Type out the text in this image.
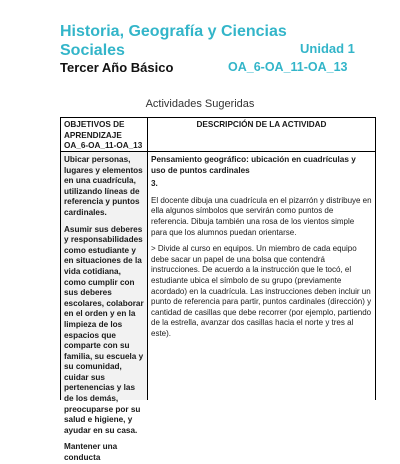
Historia, Geografía y Ciencias Sociales	Unidad 1
Tercer Año Básico	OA_6-OA_11-OA_13
Actividades Sugeridas
OBJETIVOS DE APRENDIZAJE OA_6-OA_11-OA_13
DESCRIPCIÓN DE LA ACTIVIDAD

Ubicar personas, lugares y elementos en una cuadrícula, utilizando líneas de referencia y puntos cardinales.

Asumir sus deberes y responsabilidades como estudiante y en situaciones de la vida cotidiana, como cumplir con sus deberes escolares, colaborar en el orden y en la limpieza de los espacios que comparte con su familia, su escuela y su comunidad, cuidar sus pertenencias y las de los demás, preocuparse por su salud e higiene, y ayudar en su casa.

Mantener una conducta

Pensamiento geográfico: ubicación en cuadrículas y uso de puntos cardinales

3.

El docente dibuja una cuadrícula en el pizarrón y distribuye en ella algunos símbolos que servirán como puntos de referencia. Dibuja también una rosa de los vientos simple para que los alumnos puedan orientarse.

> Divide al curso en equipos. Un miembro de cada equipo debe sacar un papel de una bolsa que contendrá instrucciones. De acuerdo a la instrucción que le tocó, el estudiante ubica el símbolo de su grupo (previamente acordado) en la cuadrícula. Las instrucciones deben incluir un punto de referencia para partir, puntos cardinales (dirección) y cantidad de casillas que debe recorrer (por ejemplo, partiendo de la estrella, avanzar dos casillas hacia el norte y tres al este).
